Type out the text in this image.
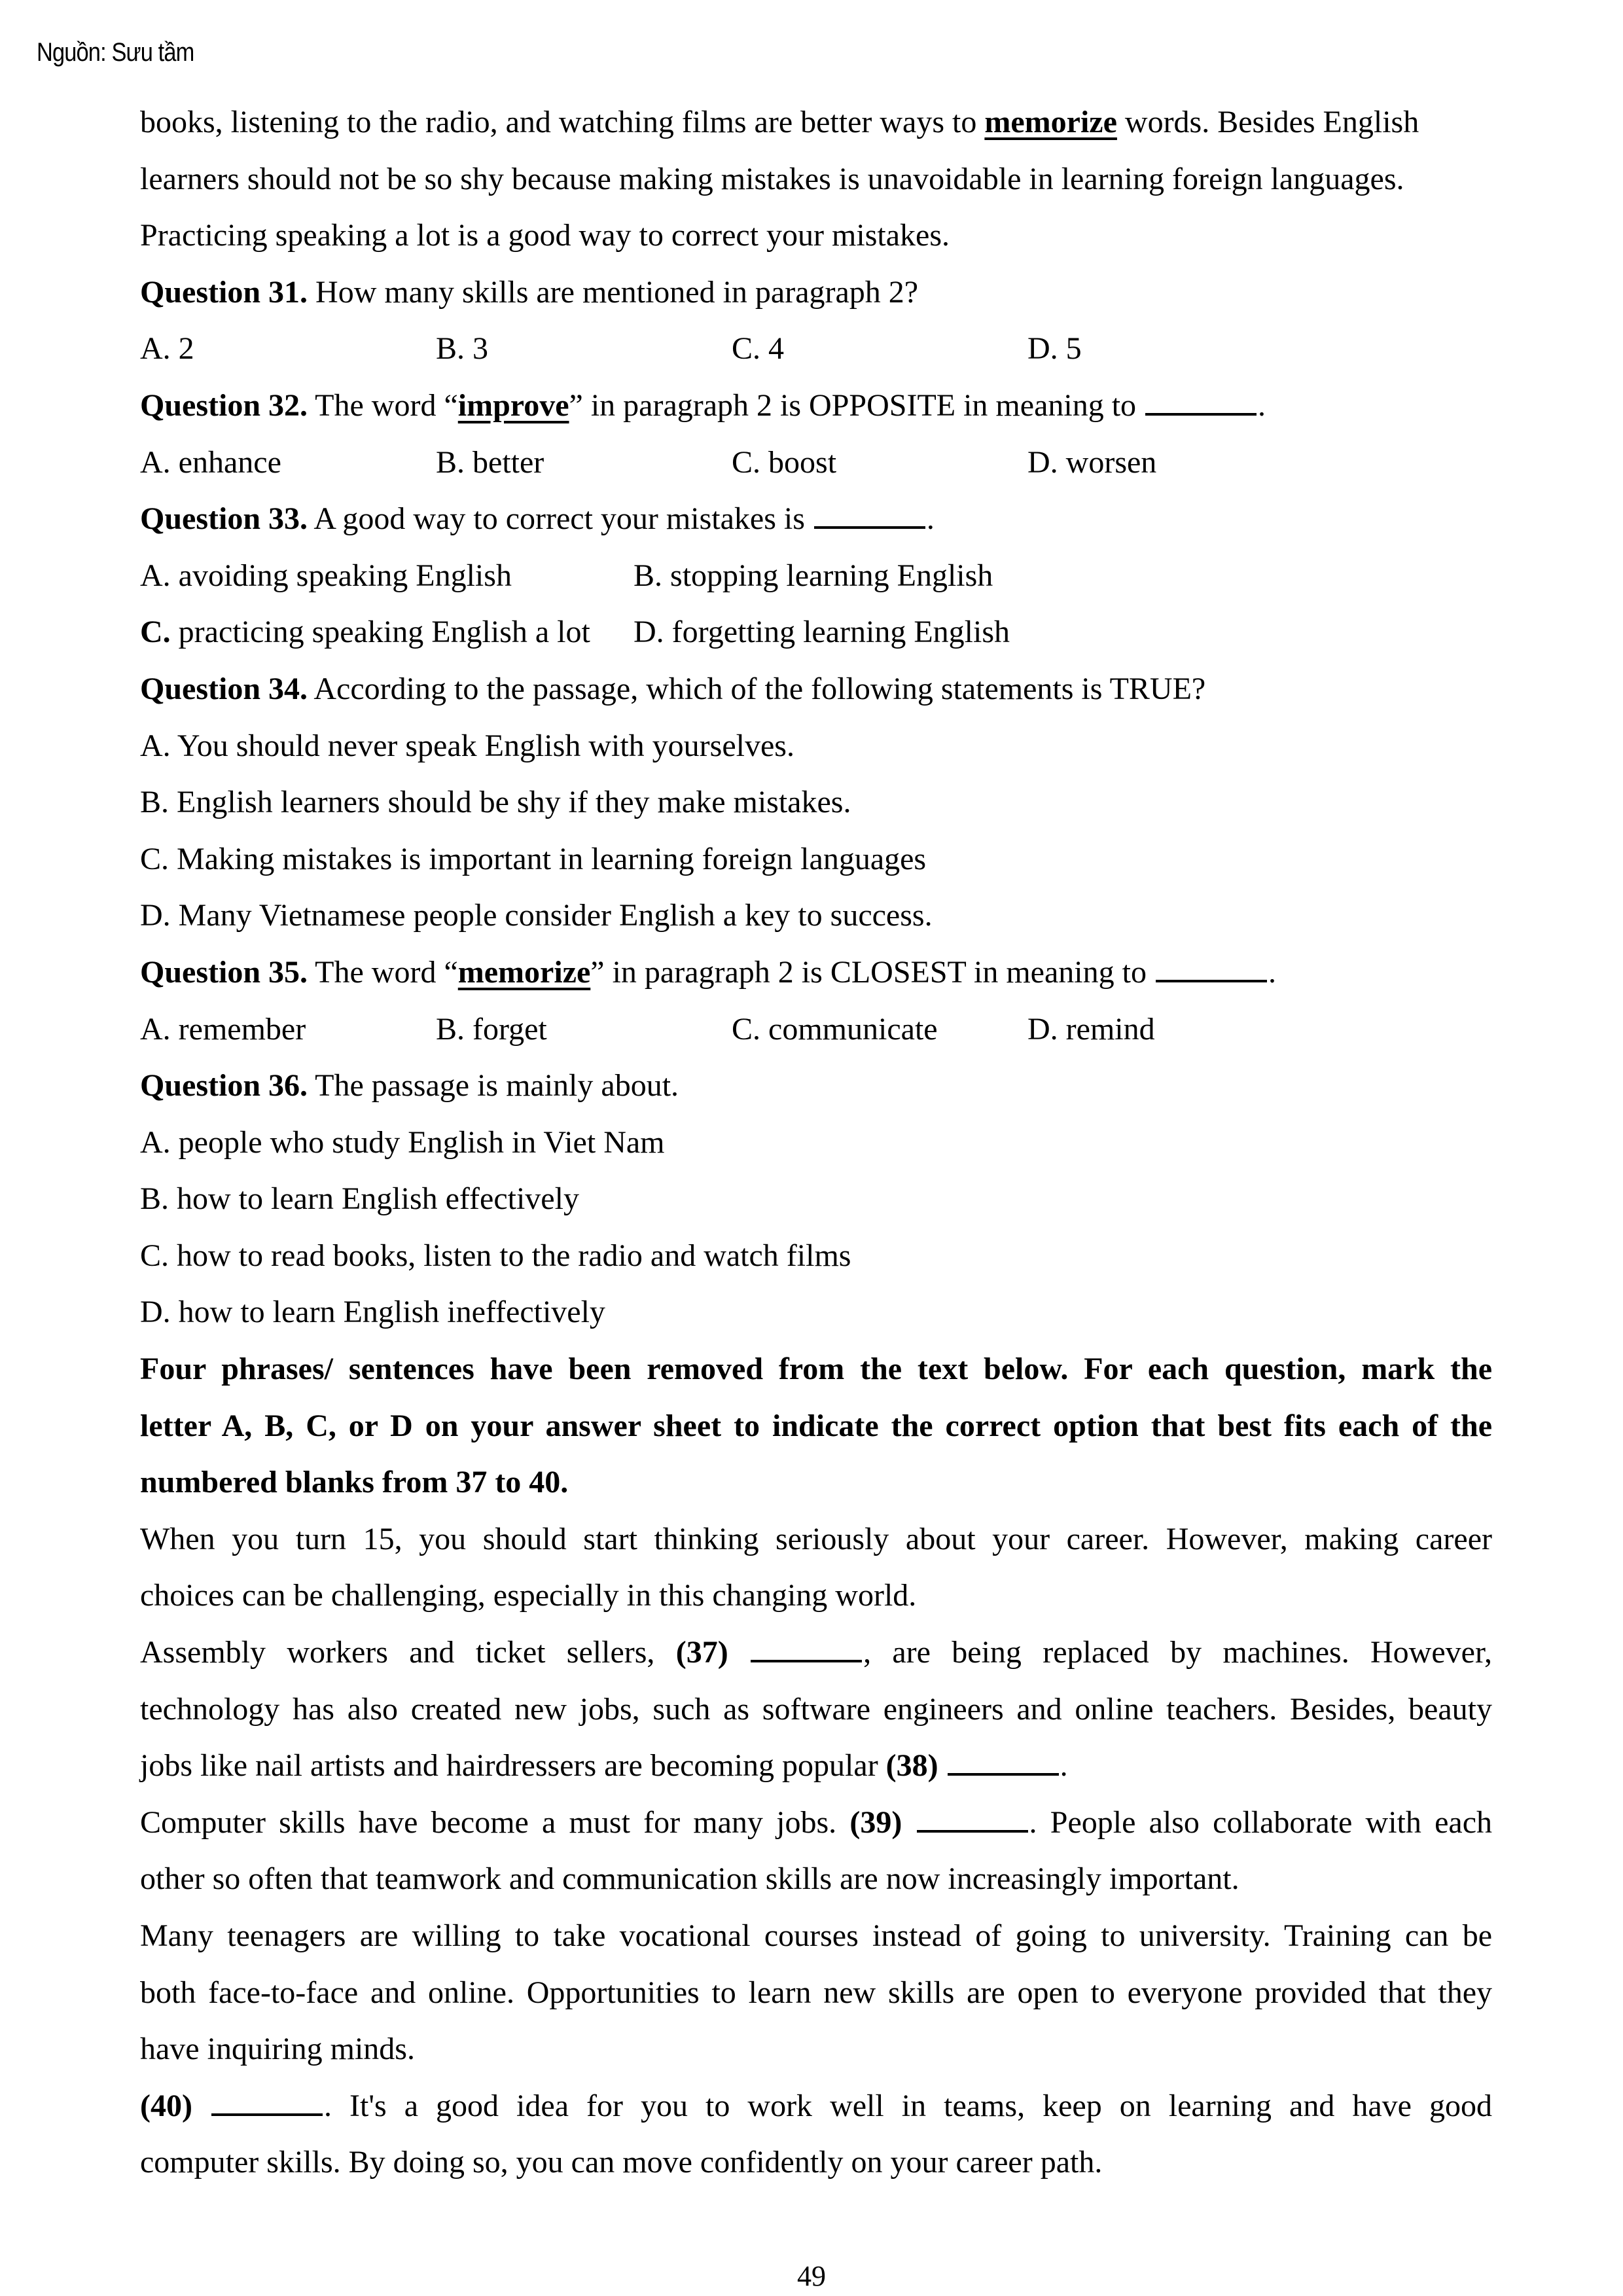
Nguồn: Sưu tầm
books, listening to the radio, and watching films are better ways to memorize words. Besides English
learners should not be so shy because making mistakes is unavoidable in learning foreign languages.
Practicing speaking a lot is a good way to correct your mistakes.
Question 31. How many skills are mentioned in paragraph 2?
A. 2	B. 3	C. 4	D. 5
Question 32. The word “improve” in paragraph 2 is OPPOSITE in meaning to	.
A. enhance	B. better	C. boost	D. worsen
Question 33. A good way to correct your mistakes is	.
A. avoiding speaking English	B. stopping learning English
C. practicing speaking English a lot	D. forgetting learning English
Question 34. According to the passage, which of the following statements is TRUE?
A. You should never speak English with yourselves.
B. English learners should be shy if they make mistakes.
C. Making mistakes is important in learning foreign languages
D. Many Vietnamese people consider English a key to success.
Question 35. The word “memorize” in paragraph 2 is CLOSEST in meaning to	.
A. remember	B. forget	C. communicate	D. remind
Question 36. The passage is mainly about.
A. people who study English in Viet Nam
B. how to learn English effectively
C. how to read books, listen to the radio and watch films
D. how to learn English ineffectively
Four phrases/ sentences have been removed from the text below. For each question, mark the
letter A, B, C, or D on your answer sheet to indicate the correct option that best fits each of the
numbered blanks from 37 to 40.
When you turn 15, you should start thinking seriously about your career. However, making career
choices can be challenging, especially in this changing world.
Assembly workers and ticket sellers, (37)	, are being replaced by machines. However,
technology has also created new jobs, such as software engineers and online teachers. Besides, beauty
jobs like nail artists and hairdressers are becoming popular (38)	.
Computer skills have become a must for many jobs. (39)	. People also collaborate with each
other so often that teamwork and communication skills are now increasingly important.
Many teenagers are willing to take vocational courses instead of going to university. Training can be
both face-to-face and online. Opportunities to learn new skills are open to everyone provided that they
have inquiring minds.
(40)	. It's a good idea for you to work well in teams, keep on learning and have good
computer skills. By doing so, you can move confidently on your career path.
49
